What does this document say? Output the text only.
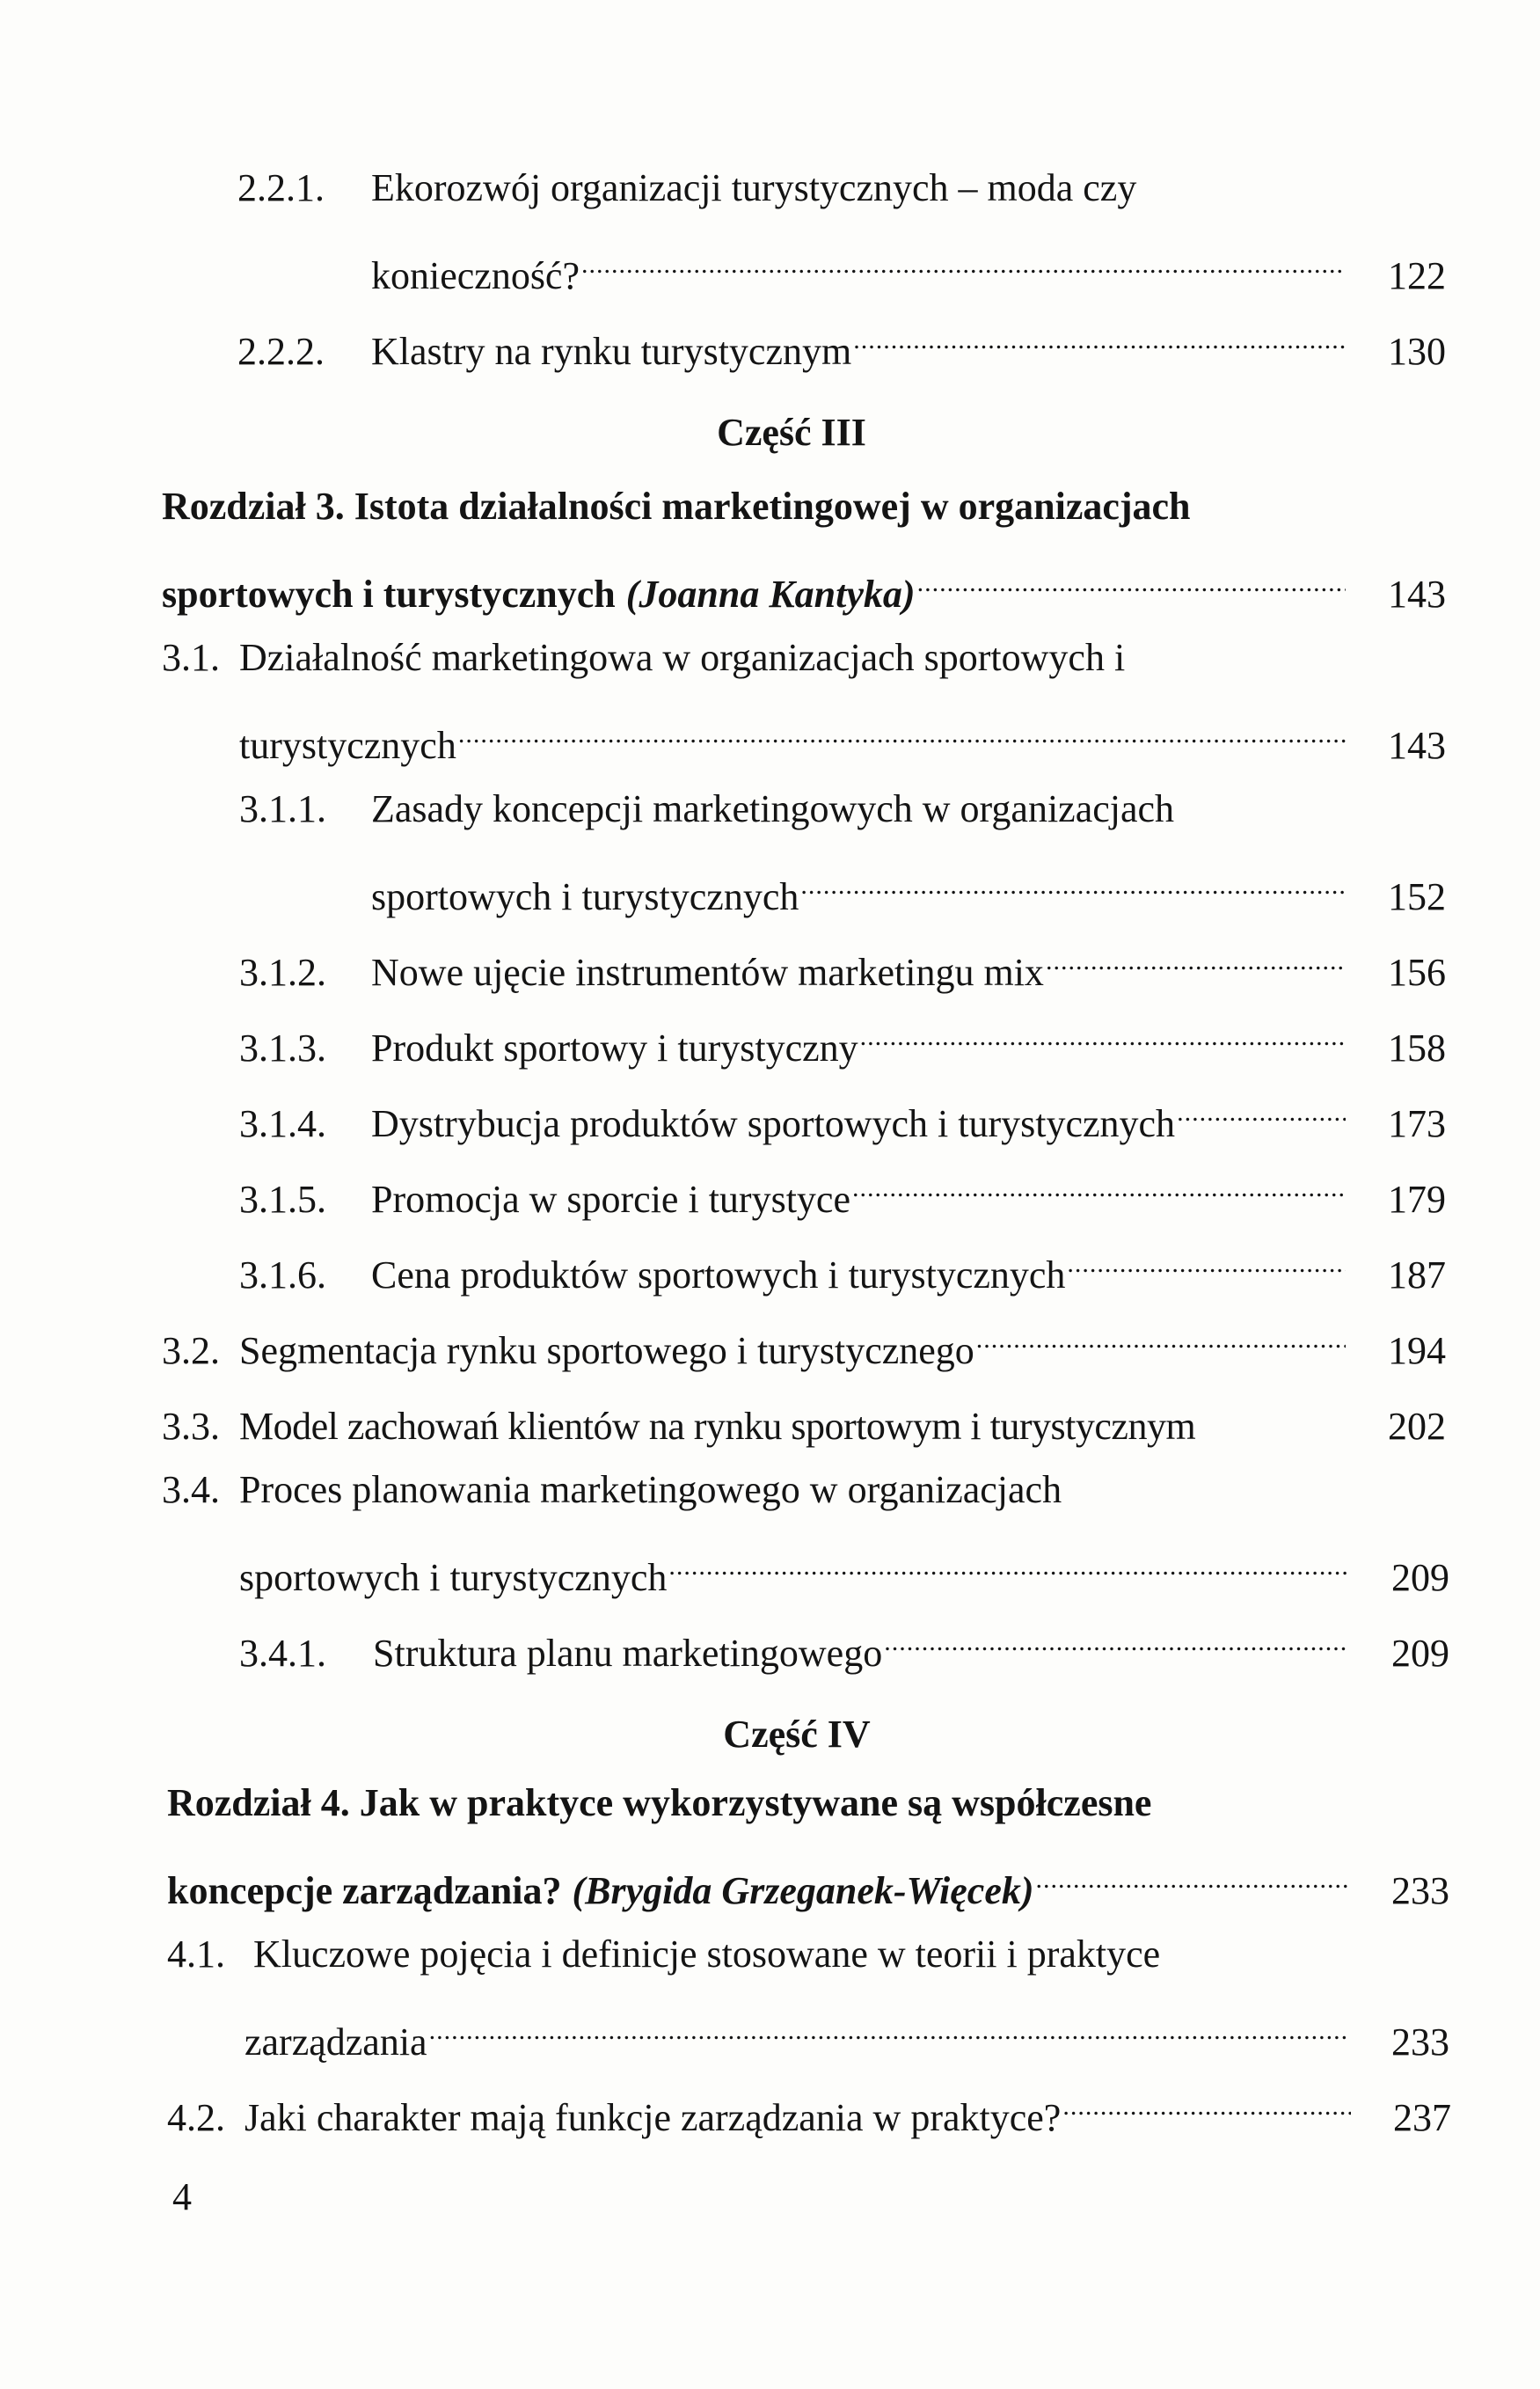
2.2.1.	Ekorozwój organizacji turystycznych – moda czy
konieczność? .....	122
2.2.2.	Klastry na rynku turystycznym .....	130
Część III
Rozdział 3. Istota działalności marketingowej w organizacjach
sportowych i turystycznych (Joanna Kantyka) .....	143
3.1. Działalność marketingowa w organizacjach sportowych i
turystycznych .....	143
3.1.1.	Zasady koncepcji marketingowych w organizacjach
sportowych i turystycznych .....	152
3.1.2.	Nowe ujęcie instrumentów marketingu mix .....	156
3.1.3.	Produkt sportowy i turystyczny .....	158
3.1.4.	Dystrybucja produktów sportowych i turystycznych .....	173
3.1.5.	Promocja w sporcie i turystyce .....	179
3.1.6.	Cena produktów sportowych i turystycznych .....	187
3.2. Segmentacja rynku sportowego i turystycznego .....	194
3.3. Model zachowań klientów na rynku sportowym i turystycznym	202
3.4. Proces planowania marketingowego w organizacjach
sportowych i turystycznych .....	209
3.4.1.	Struktura planu marketingowego .....	209
Część IV
Rozdział 4. Jak w praktyce wykorzystywane są współczesne
koncepcje zarządzania? (Brygida Grzeganek-Więcek) .....	233
4.1. Kluczowe pojęcia i definicje stosowane w teorii i praktyce
zarządzania .....	233
4.2. Jaki charakter mają funkcje zarządzania w praktyce? .....	237
4
